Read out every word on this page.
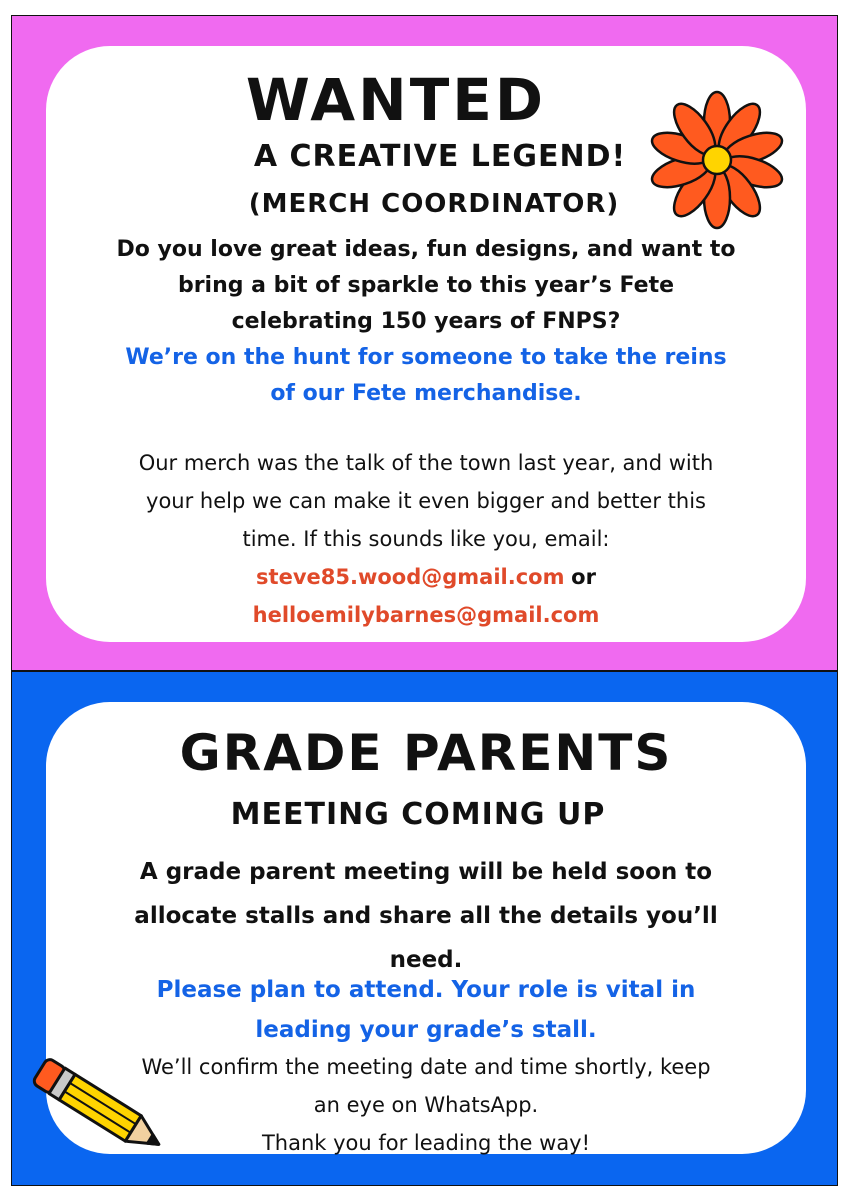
WANTED
A CREATIVE LEGEND!
(MERCH COORDINATOR)
Do you love great ideas, fun designs, and want to
bring a bit of sparkle to this year’s Fete
celebrating 150 years of FNPS?
We’re on the hunt for someone to take the reins
of our Fete merchandise.
Our merch was the talk of the town last year, and with
your help we can make it even bigger and better this
time. If this sounds like you, email:
steve85.wood@gmail.com or
helloemilybarnes@gmail.com
GRADE PARENTS
MEETING COMING UP
A grade parent meeting will be held soon to
allocate stalls and share all the details you’ll
need.
Please plan to attend. Your role is vital in
leading your grade’s stall.
We’ll confirm the meeting date and time shortly, keep
an eye on WhatsApp.
Thank you for leading the way!
